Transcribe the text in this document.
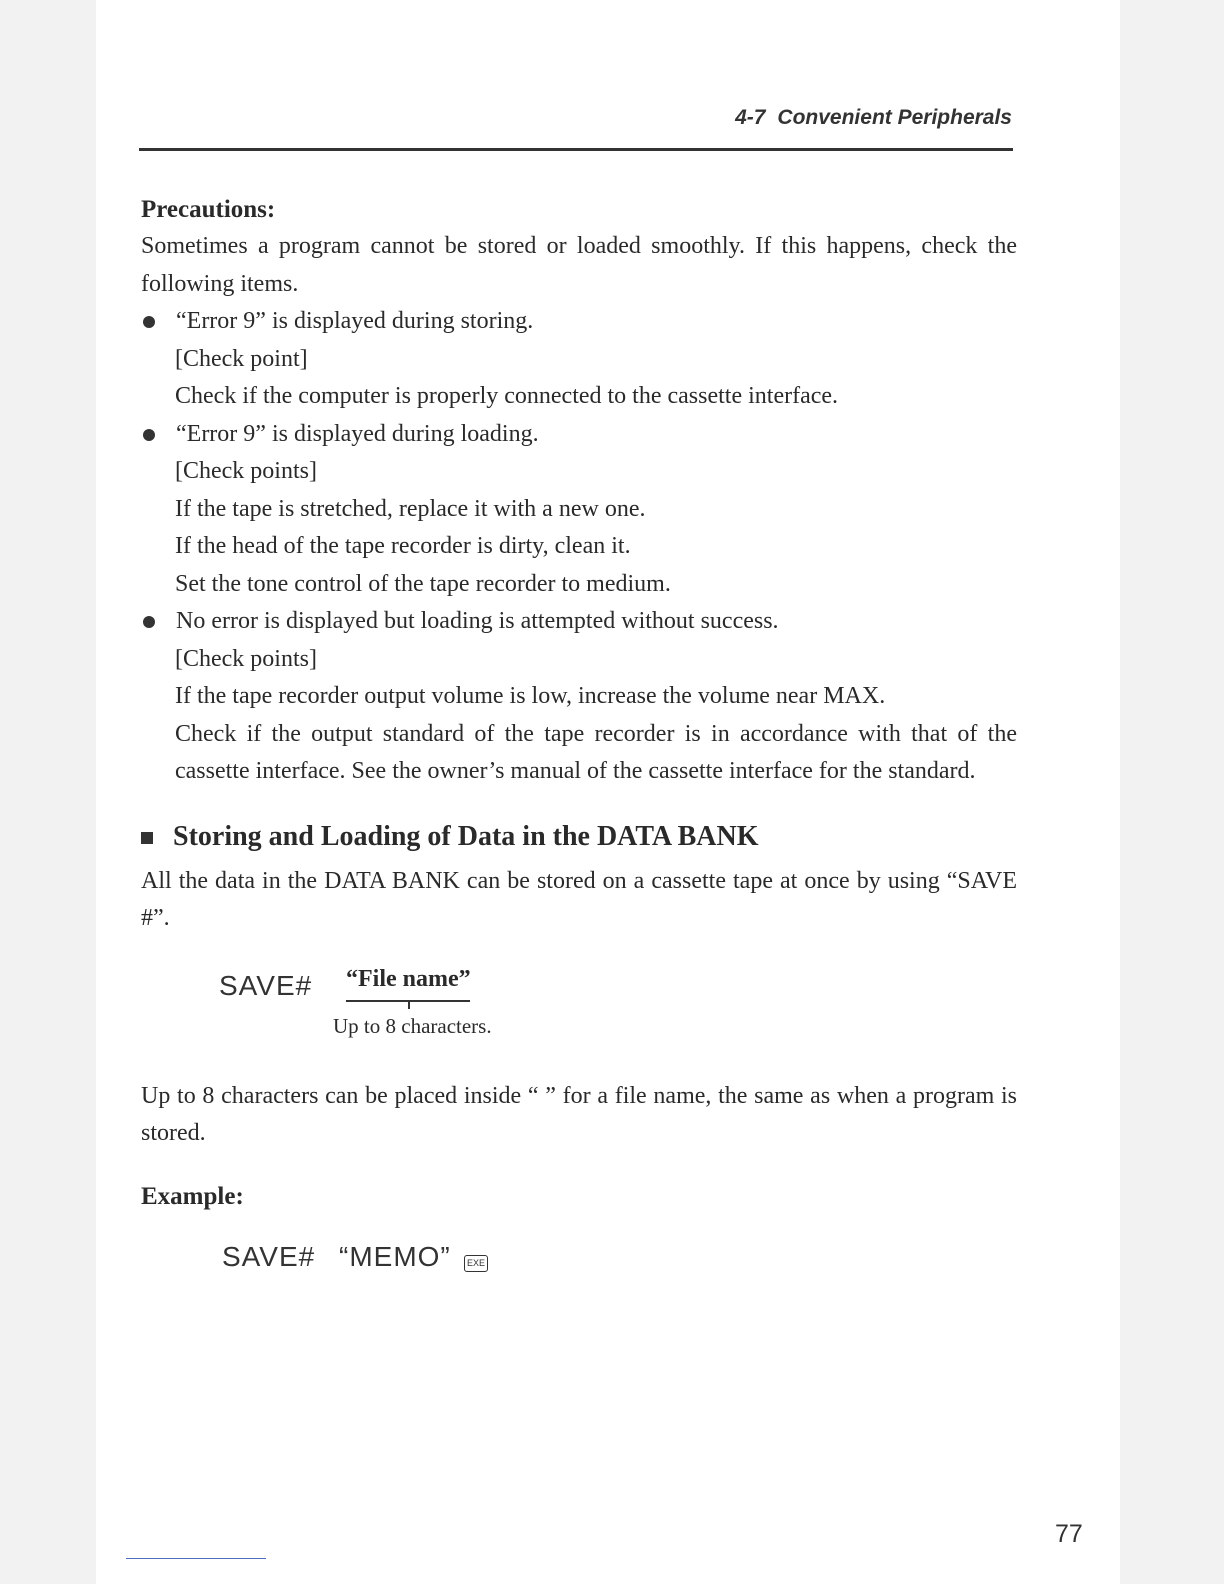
4-7 Convenient Peripherals

Precautions:

Sometimes a program cannot be stored or loaded smoothly. If this happens, check the following items.

“Error 9” is displayed during storing.

[Check point]

Check if the computer is properly connected to the cassette interface.

“Error 9” is displayed during loading.

[Check points]

If the tape is stretched, replace it with a new one.

If the head of the tape recorder is dirty, clean it.

Set the tone control of the tape recorder to medium.

No error is displayed but loading is attempted without success.

[Check points]

If the tape recorder output volume is low, increase the volume near MAX.

Check if the output standard of the tape recorder is in accordance with that of the cassette interface. See the owner’s manual of the cassette interface for the standard.

Storing and Loading of Data in the DATA BANK

All the data in the DATA BANK can be stored on a cassette tape at once by using “SAVE #”.

SAVE# “File name”
Up to 8 characters.

Up to 8 characters can be placed inside “ ” for a file name, the same as when a program is stored.

Example:

SAVE# “MEMO”	EXE
77
